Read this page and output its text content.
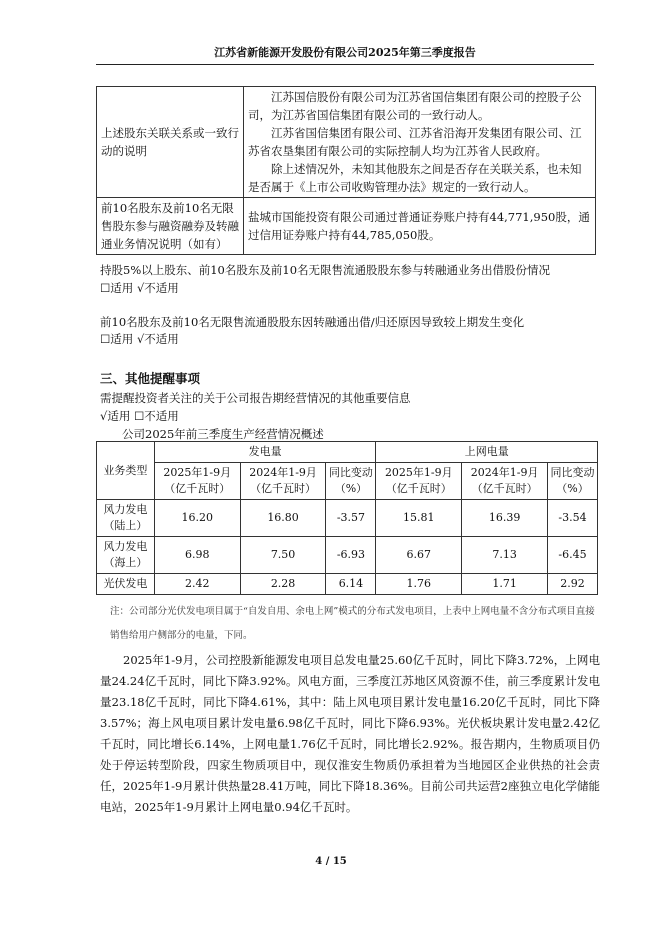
江苏省新能源开发股份有限公司2025年第三季度报告
上述股东关联关系或一致行动的说明	江苏国信股份有限公司为江苏省国信集团有限公司的控股子公司，为江苏省国信集团有限公司的一致行动人。

江苏省国信集团有限公司、江苏省沿海开发集团有限公司、江苏省农垦集团有限公司的实际控制人均为江苏省人民政府。

除上述情况外，未知其他股东之间是否存在关联关系，也未知是否属于《上市公司收购管理办法》规定的一致行动人。

前10名股东及前10名无限售股东参与融资融券及转融通业务情况说明（如有）	盐城市国能投资有限公司通过普通证券账户持有44,771,950股，通过信用证券账户持有44,785,050股。
持股5%以上股东、前10名股东及前10名无限售流通股股东参与转融通业务出借股份情况
☐适用 √不适用
前10名股东及前10名无限售流通股股东因转融通出借/归还原因导致较上期发生变化
☐适用 √不适用
三、其他提醒事项
需提醒投资者关注的关于公司报告期经营情况的其他重要信息
√适用 ☐不适用
公司2025年前三季度生产经营情况概述
业务类型	发电量			上网电量		
	2025年1-9月（亿千瓦时）	2024年1-9月（亿千瓦时）	同比变动（%）	2025年1-9月（亿千瓦时）	2024年1-9月（亿千瓦时）	同比变动（%）
风力发电（陆上）	16.20	16.80	-3.57	15.81	16.39	-3.54
风力发电（海上）	6.98	7.50	-6.93	6.67	7.13	-6.45
光伏发电	2.42	2.28	6.14	1.76	1.71	2.92
注：公司部分光伏发电项目属于“自发自用、余电上网”模式的分布式发电项目，上表中上网电量不含分布式项目直接销售给用户侧部分的电量，下同。
2025年1-9月，公司控股新能源发电项目总发电量25.60亿千瓦时，同比下降3.72%，上网电量24.24亿千瓦时，同比下降3.92%。风电方面，三季度江苏地区风资源不佳，前三季度累计发电量23.18亿千瓦时，同比下降4.61%，其中：陆上风电项目累计发电量16.20亿千瓦时，同比下降3.57%；海上风电项目累计发电量6.98亿千瓦时，同比下降6.93%。光伏板块累计发电量2.42亿千瓦时，同比增长6.14%，上网电量1.76亿千瓦时，同比增长2.92%。报告期内，生物质项目仍处于停运转型阶段，四家生物质项目中，现仅淮安生物质仍承担着为当地园区企业供热的社会责任，2025年1-9月累计供热量28.41万吨，同比下降18.36%。目前公司共运营2座独立电化学储能电站，2025年1-9月累计上网电量0.94亿千瓦时。
4 / 15
